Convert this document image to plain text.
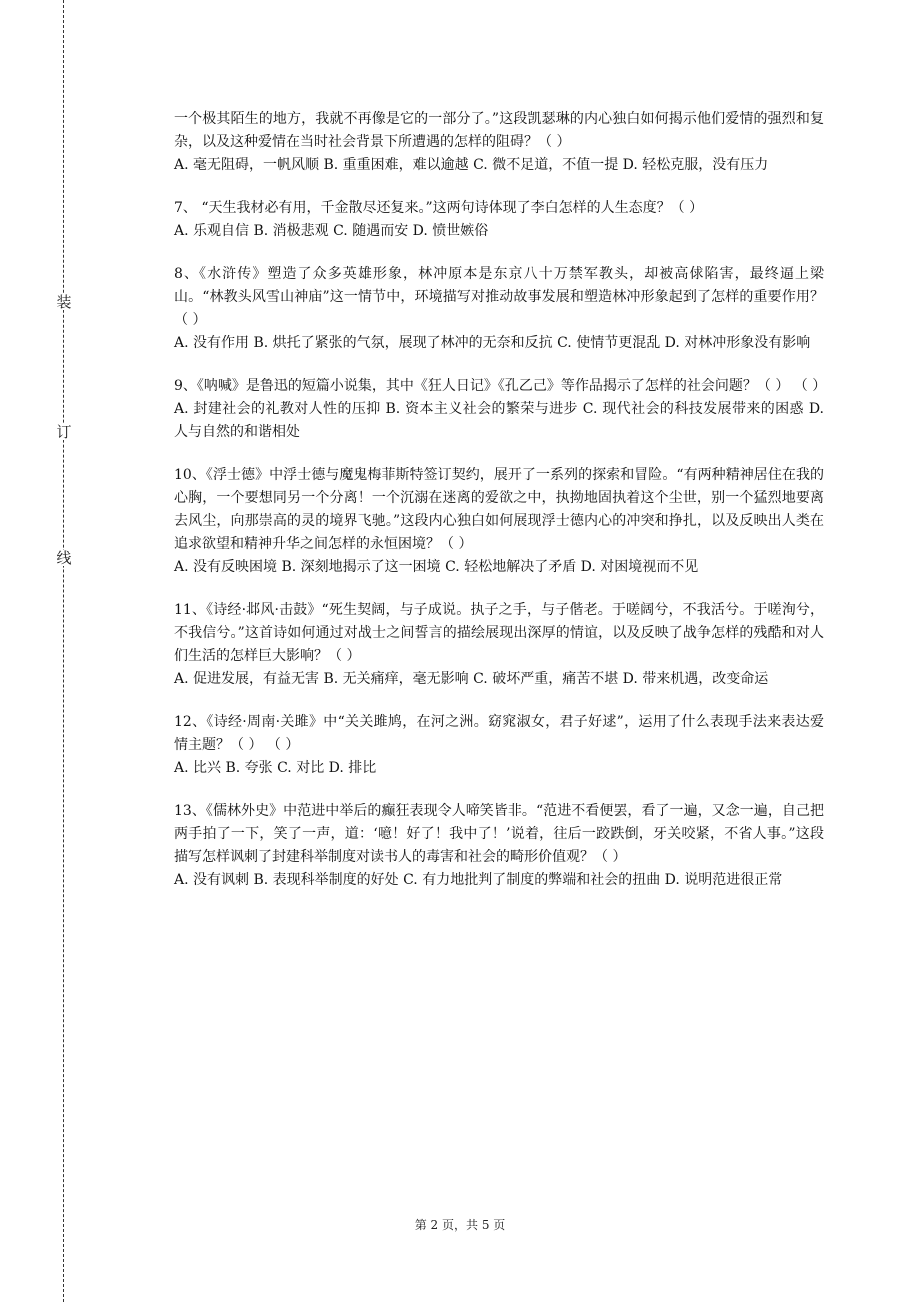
装
订
线

一个极其陌生的地方，我就不再像是它的一部分了。”这段凯瑟琳的内心独白如何揭示他们爱情的强烈和复杂，以及这种爱情在当时社会背景下所遭遇的怎样的阻碍？（ ）

A. 毫无阻碍，一帆风顺 B. 重重困难，难以逾越 C. 微不足道，不值一提 D. 轻松克服，没有压力

7、 “天生我材必有用，千金散尽还复来。”这两句诗体现了李白怎样的人生态度？（ ）

A. 乐观自信 B. 消极悲观 C. 随遇而安 D. 愤世嫉俗

8、《水浒传》塑造了众多英雄形象，林冲原本是东京八十万禁军教头，却被高俅陷害，最终逼上梁山。“林教头风雪山神庙”这一情节中，环境描写对推动故事发展和塑造林冲形象起到了怎样的重要作用？（ ）

A. 没有作用 B. 烘托了紧张的气氛，展现了林冲的无奈和反抗 C. 使情节更混乱 D. 对林冲形象没有影响

9、《呐喊》是鲁迅的短篇小说集，其中《狂人日记》《孔乙己》等作品揭示了怎样的社会问题？（ ） （ ）

A. 封建社会的礼教对人性的压抑 B. 资本主义社会的繁荣与进步 C. 现代社会的科技发展带来的困惑 D. 人与自然的和谐相处

10、《浮士德》中浮士德与魔鬼梅菲斯特签订契约，展开了一系列的探索和冒险。“有两种精神居住在我的心胸，一个要想同另一个分离！一个沉溺在迷离的爱欲之中，执拗地固执着这个尘世，别一个猛烈地要离去风尘，向那崇高的灵的境界飞驰。”这段内心独白如何展现浮士德内心的冲突和挣扎，以及反映出人类在追求欲望和精神升华之间怎样的永恒困境？（ ）

A. 没有反映困境 B. 深刻地揭示了这一困境 C. 轻松地解决了矛盾 D. 对困境视而不见

11、《诗经·邶风·击鼓》“死生契阔，与子成说。执子之手，与子偕老。于嗟阔兮，不我活兮。于嗟洵兮，不我信兮。”这首诗如何通过对战士之间誓言的描绘展现出深厚的情谊，以及反映了战争怎样的残酷和对人们生活的怎样巨大影响？（ ）

A. 促进发展，有益无害 B. 无关痛痒，毫无影响 C. 破坏严重，痛苦不堪 D. 带来机遇，改变命运

12、《诗经·周南·关雎》中“关关雎鸠，在河之洲。窈窕淑女，君子好逑”，运用了什么表现手法来表达爱情主题？（ ） （ ）

A. 比兴 B. 夸张 C. 对比 D. 排比

13、《儒林外史》中范进中举后的癫狂表现令人啼笑皆非。“范进不看便罢，看了一遍，又念一遍，自己把两手拍了一下，笑了一声，道：‘噫！好了！我中了！’说着，往后一跤跌倒，牙关咬紧，不省人事。”这段描写怎样讽刺了封建科举制度对读书人的毒害和社会的畸形价值观？（ ）

A. 没有讽刺 B. 表现科举制度的好处 C. 有力地批判了制度的弊端和社会的扭曲 D. 说明范进很正常

第 2 页，共 5 页
